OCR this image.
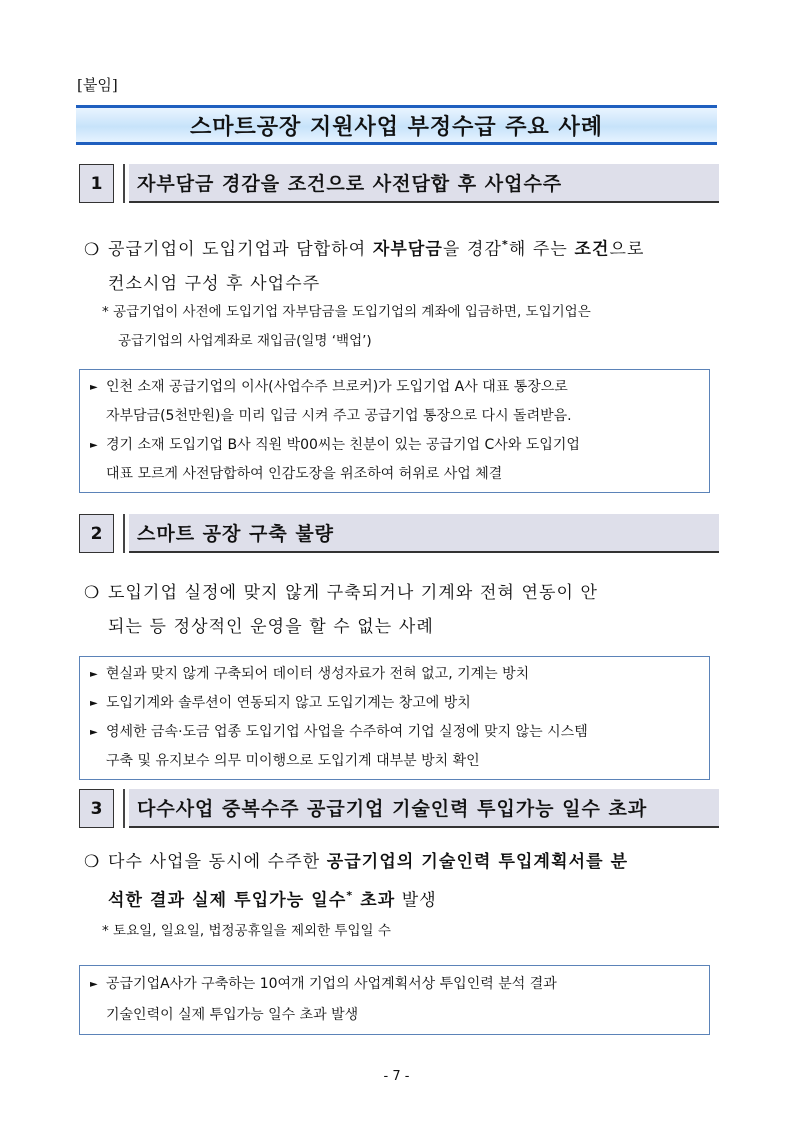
[붙임]
스마트공장 지원사업 부정수급 주요 사례
1	자부담금 경감을 조건으로 사전담합 후 사업수주
❍ 공급기업이 도입기업과 담합하여 자부담금을 경감*해 주는 조건으로
컨소시엄 구성 후 사업수주
* 공급기업이 사전에 도입기업 자부담금을 도입기업의 계좌에 입금하면, 도입기업은
공급기업의 사업계좌로 재입금(일명 ‘백업’)
► 인천 소재 공급기업의 이사(사업수주 브로커)가 도입기업 A사 대표 통장으로
자부담금(5천만원)을 미리 입금 시켜 주고 공급기업 통장으로 다시 돌려받음.
► 경기 소재 도입기업 B사 직원 박00씨는 친분이 있는 공급기업 C사와 도입기업
대표 모르게 사전담합하여 인감도장을 위조하여 허위로 사업 체결
2	스마트 공장 구축 불량
❍ 도입기업 실정에 맞지 않게 구축되거나 기계와 전혀 연동이 안
되는 등 정상적인 운영을 할 수 없는 사례
► 현실과 맞지 않게 구축되어 데이터 생성자료가 전혀 없고, 기계는 방치
► 도입기계와 솔루션이 연동되지 않고 도입기계는 창고에 방치
► 영세한 금속·도금 업종 도입기업 사업을 수주하여 기업 실정에 맞지 않는 시스템
구축 및 유지보수 의무 미이행으로 도입기계 대부분 방치 확인
3	다수사업 중복수주 공급기업 기술인력 투입가능 일수 초과
❍ 다수 사업을 동시에 수주한 공급기업의 기술인력 투입계획서를 분
석한 결과 실제 투입가능 일수* 초과 발생
* 토요일, 일요일, 법정공휴일을 제외한 투입일 수
► 공급기업A사가 구축하는 10여개 기업의 사업계획서상 투입인력 분석 결과
기술인력이 실제 투입가능 일수 초과 발생
- 7 -
